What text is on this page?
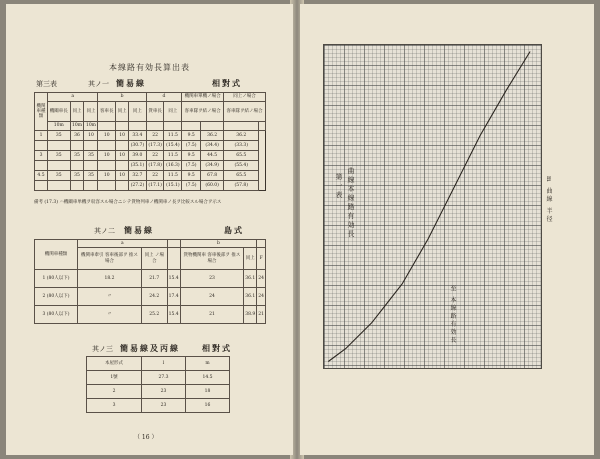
本線路有効長算出表
第三表	其ノ一 簡易線	相對式
機関車種類	a			b			d		機関車單機ノ場合		同上ノ場合	
	機關車長	同上	同上	客車長	同上	同上	貨車長	同上	客車隊ヲ結ノ場合		客車隊ヲ結ノ場合	
	10m	10m	10m									
1	35	36	10	10	10	33.4	22	11.5	9.5	36.2	36.2	
						(30.7)	(17.3)	(15.4)	(7.5)	(34.4)	(33.3)	
3	35	35	35	10	10	39.0	22	11.5	9.5	44.5	65.5	
						(35.1)	(17.8)	(16.3)	(7.5)	(34.9)	(55.4)	
4.5	35	35	35	10	10	32.7	22	11.5	9.5	67.8	65.5	
						(27.2)	(17.1)	(15.1)	(7.5)	(60.0)	(57.8)	
備考 (17.3) ハ機關車単機ヲ収容スル場合ニシテ貨物列車ノ機関車ノ長ヲ比較スル場合ヲ示ス
其ノ二 簡易線	島式
機関車種類	a			b		
	機関車牽引 客車後部ヲ 推ス場合	同上 ノ場合		貨物機関車 客車後部ヲ 推ス場合	同上	F
1 (80人以下)	18.2	21.7	15.4	23	36.1	24
2 (80人以下)	〃	24.2	17.4	24	36.1	24
3 (80人以下)	〃	25.2	15.4	21	38.9	21
其ノ三 簡易線及丙線	相對式
本屋形式	l	m
1號	27.3	14.5
2	23	18
3	23	16
（ 16 ）
第一表 曲線本線路有効長
至 本線路有効長
m 曲線 半径
